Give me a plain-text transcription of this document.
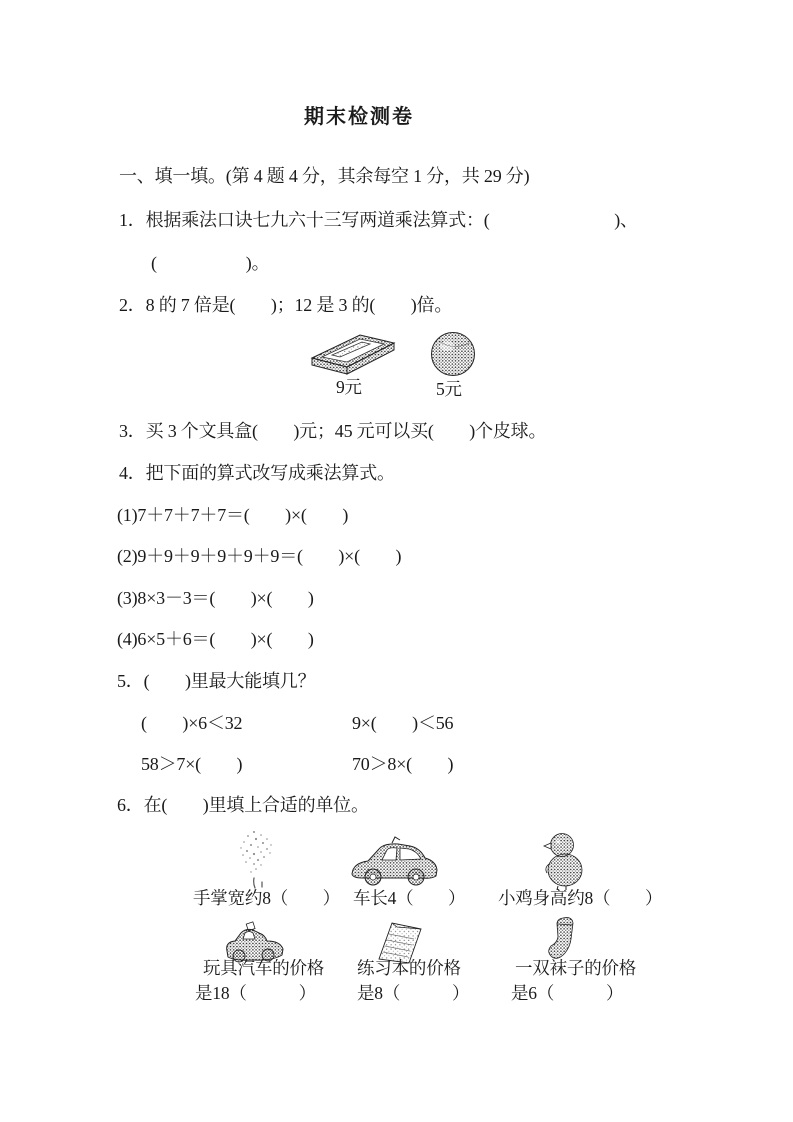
期末检测卷
一、填一填。(第 4 题 4 分，其余每空 1 分，共 29 分)
1．根据乘法口诀七九六十三写两道乘法算式：(　　　　　　　)、
(　　　　　)。
2．8 的 7 倍是(　　)；12 是 3 的(　　)倍。
9元	5元
3．买 3 个文具盒(　　)元；45 元可以买(　　)个皮球。
4．把下面的算式改写成乘法算式。
(1)7＋7＋7＋7＝(　　)×(　　)
(2)9＋9＋9＋9＋9＋9＝(　　)×(　　)
(3)8×3－3＝(　　)×(　　)
(4)6×5＋6＝(　　)×(　　)
5．(　　)里最大能填几？
(　　)×6＜32	9×(　　)＜56
58＞7×(　　)	70＞8×(　　)
6．在(　　)里填上合适的单位。
手掌宽约8（　　） 车长4（　　） 小鸡身高约8（　　）
玩具汽车的价格
是18（　　　）
练习本的价格
是8（　　　）
一双袜子的价格
是6（　　　）
